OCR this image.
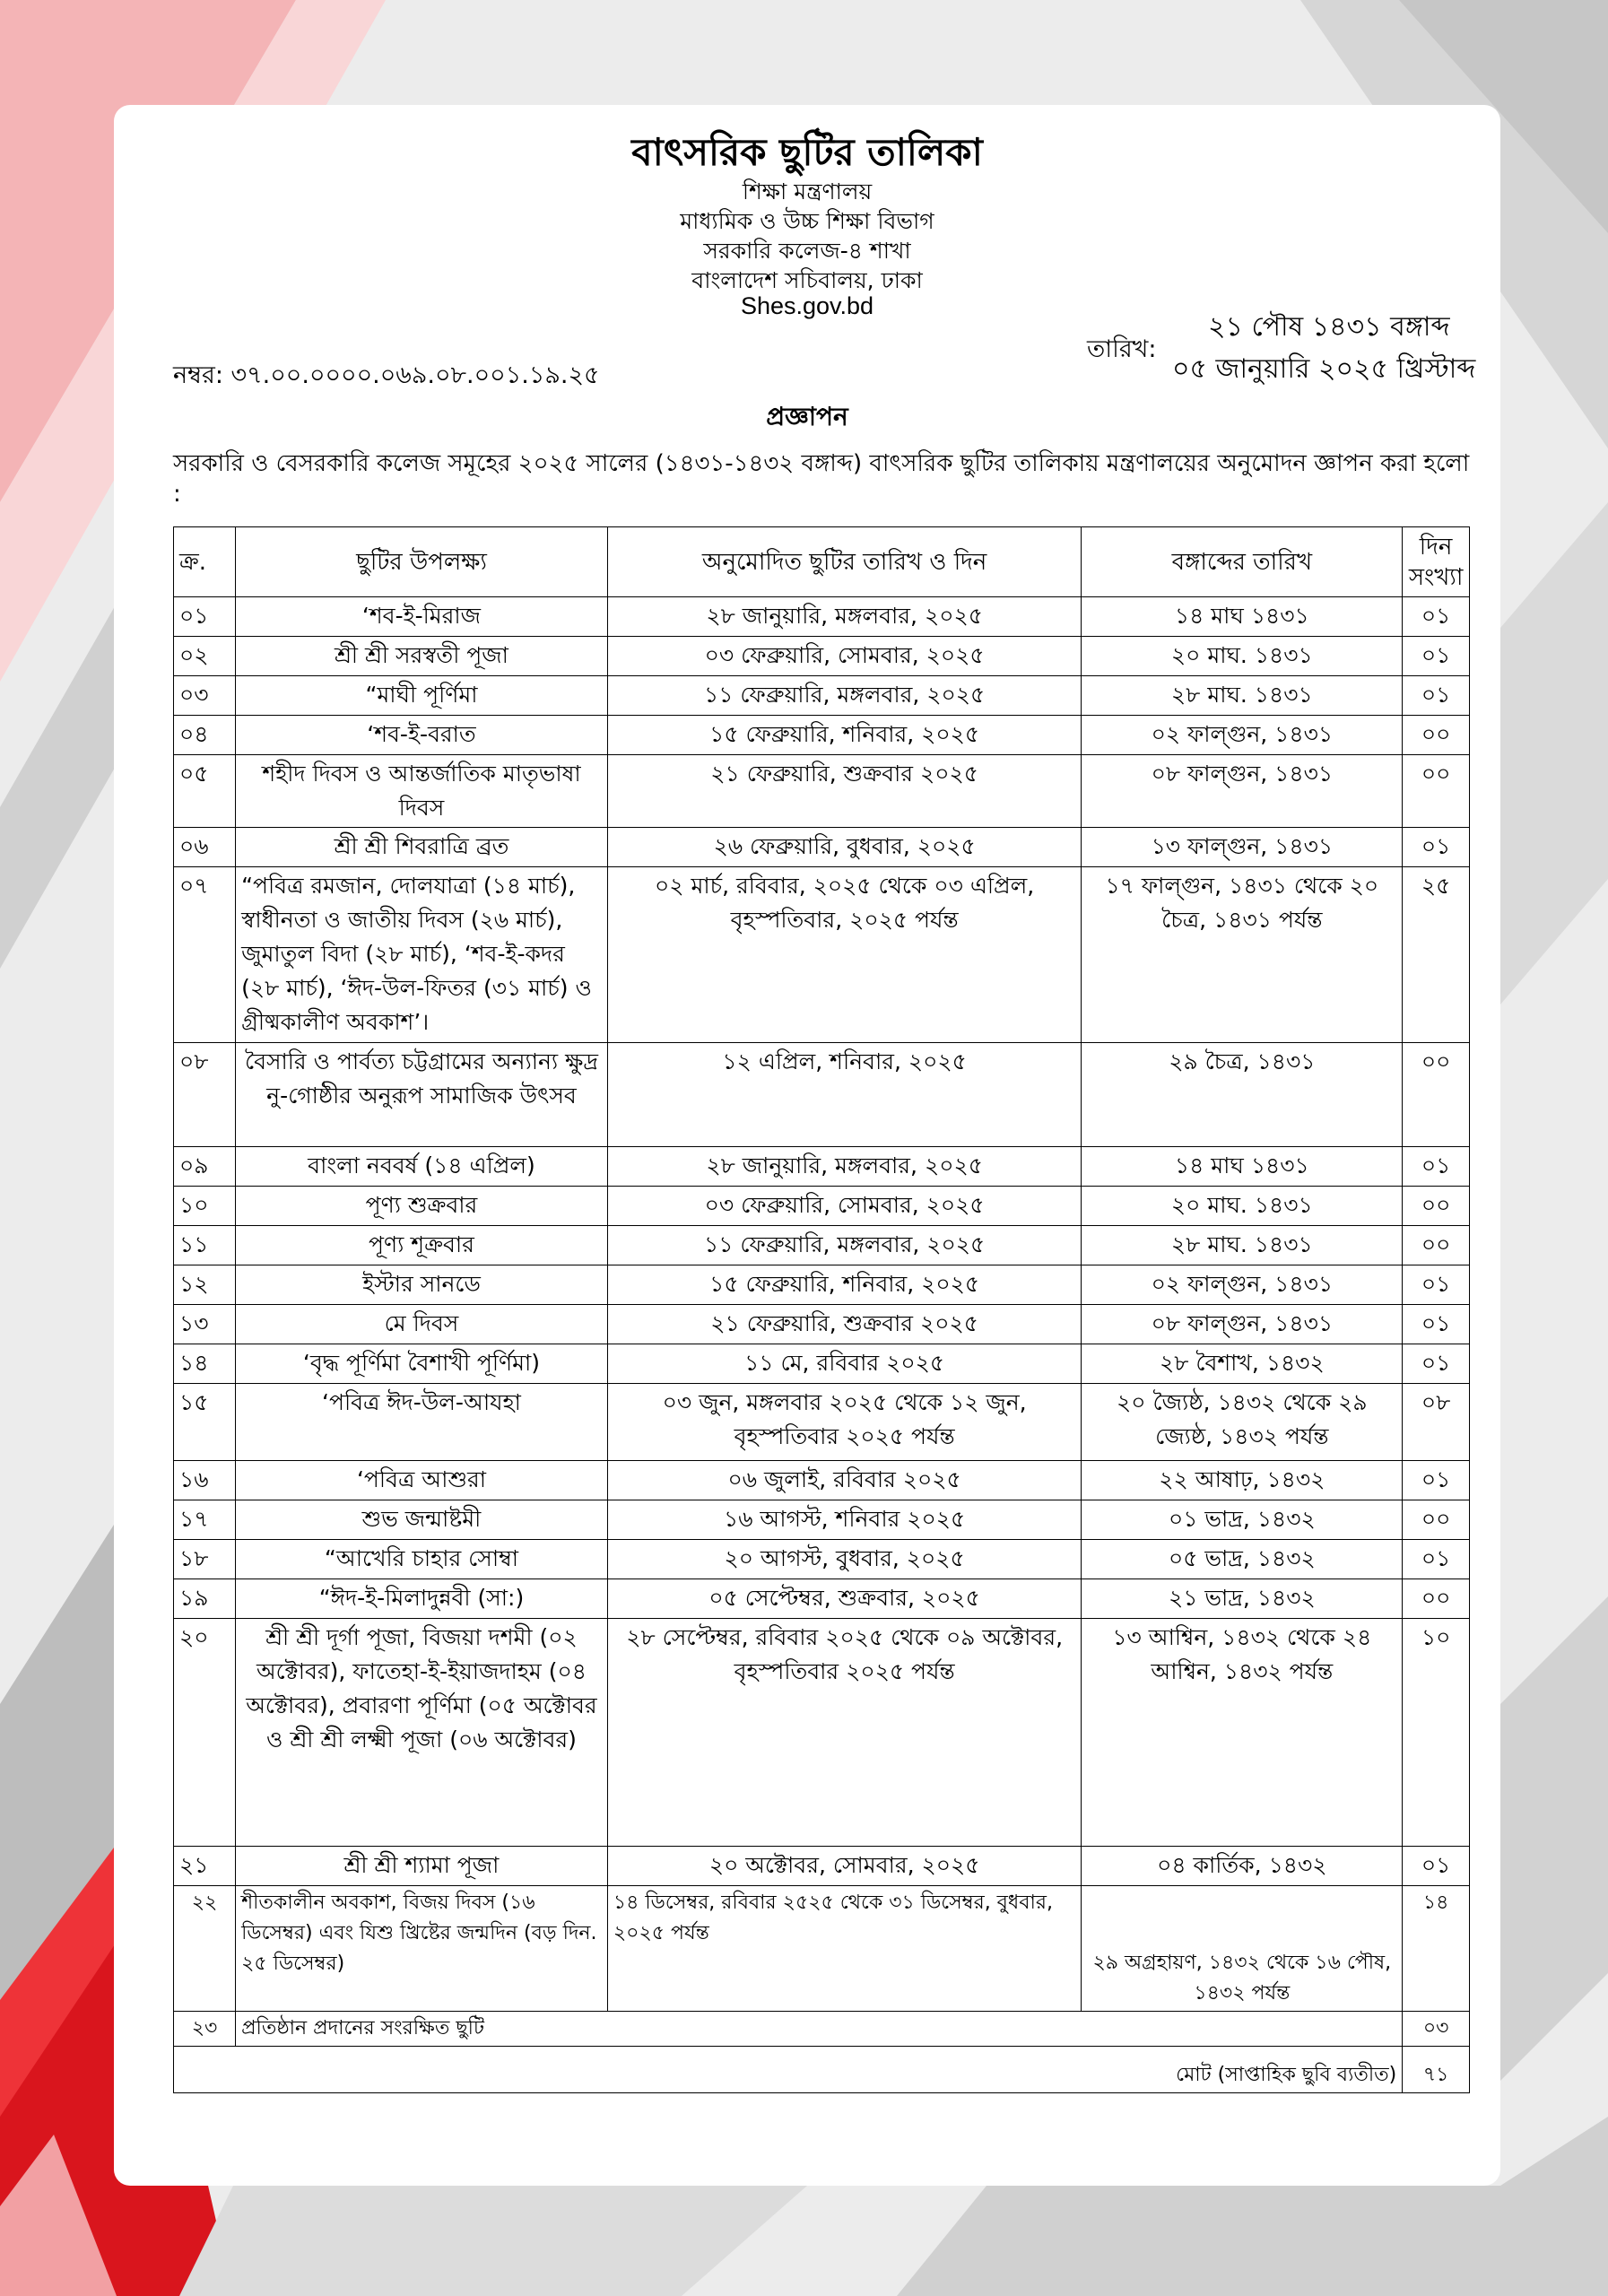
বাৎসরিক ছুটির তালিকা
শিক্ষা মন্ত্রণালয়
মাধ্যমিক ও উচ্চ শিক্ষা বিভাগ
সরকারি কলেজ-৪ শাখা
বাংলাদেশ সচিবালয়, ঢাকা
Shes.gov.bd
নম্বর: ৩৭.০০.০০০০.০৬৯.০৮.০০১.১৯.২৫
তারিখ:
২১ পৌষ ১৪৩১ বঙ্গাব্দ
০৫ জানুয়ারি ২০২৫ খ্রিস্টাব্দ
প্রজ্ঞাপন
সরকারি ও বেসরকারি কলেজ সমূহের ২০২৫ সালের (১৪৩১-১৪৩২ বঙ্গাব্দ) বাৎসরিক ছুটির তালিকায় মন্ত্রণালয়ের অনুমোদন জ্ঞাপন করা হলো :
ক্র.	ছুটির উপলক্ষ্য	অনুমোদিত ছুটির তারিখ ও দিন	বঙ্গাব্দের তারিখ	দিন সংখ্যা
০১	‘শব-ই-মিরাজ	২৮ জানুয়ারি, মঙ্গলবার, ২০২৫	১৪ মাঘ ১৪৩১	০১
০২	শ্রী শ্রী সরস্বতী পূজা	০৩ ফেব্রুয়ারি, সোমবার, ২০২৫	২০ মাঘ. ১৪৩১	০১
০৩	“মাঘী পূর্ণিমা	১১ ফেব্রুয়ারি, মঙ্গলবার, ২০২৫	২৮ মাঘ. ১৪৩১	০১
০৪	‘শব-ই-বরাত	১৫ ফেব্রুয়ারি, শনিবার, ২০২৫	০২ ফাল্গুন, ১৪৩১	০০
০৫	শহীদ দিবস ও আন্তর্জাতিক মাতৃভাষা দিবস	২১ ফেব্রুয়ারি, শুক্রবার ২০২৫	০৮ ফাল্গুন, ১৪৩১	০০
০৬	শ্রী শ্রী শিবরাত্রি ব্রত	২৬ ফেব্রুয়ারি, বুধবার, ২০২৫	১৩ ফাল্গুন, ১৪৩১	০১
০৭	“পবিত্র রমজান, দোলযাত্রা (১৪ মার্চ), স্বাধীনতা ও জাতীয় দিবস (২৬ মার্চ), জুমাতুল বিদা (২৮ মার্চ), ‘শব-ই-কদর (২৮ মার্চ), ‘ঈদ-উল-ফিতর (৩১ মার্চ) ও গ্রীষ্মকালীণ অবকাশ’।	০২ মার্চ, রবিবার, ২০২৫ থেকে ০৩ এপ্রিল, বৃহস্পতিবার, ২০২৫ পর্যন্ত	১৭ ফাল্গুন, ১৪৩১ থেকে ২০ চৈত্র, ১৪৩১ পর্যন্ত	২৫
০৮	বৈসারি ও পার্বত্য চট্টগ্রামের অন্যান্য ক্ষুদ্র নু-গোষ্ঠীর অনুরূপ সামাজিক উৎসব	১২ এপ্রিল, শনিবার, ২০২৫	২৯ চৈত্র, ১৪৩১	০০
০৯	বাংলা নববর্ষ (১৪ এপ্রিল)	২৮ জানুয়ারি, মঙ্গলবার, ২০২৫	১৪ মাঘ ১৪৩১	০১
১০	পূণ্য শুক্রবার	০৩ ফেব্রুয়ারি, সোমবার, ২০২৫	২০ মাঘ. ১৪৩১	০০
১১	পূণ্য শূক্রবার	১১ ফেব্রুয়ারি, মঙ্গলবার, ২০২৫	২৮ মাঘ. ১৪৩১	০০
১২	ইস্টার সানডে	১৫ ফেব্রুয়ারি, শনিবার, ২০২৫	০২ ফাল্গুন, ১৪৩১	০১
১৩	মে দিবস	২১ ফেব্রুয়ারি, শুক্রবার ২০২৫	০৮ ফাল্গুন, ১৪৩১	০১
১৪	‘বৃদ্ধ পূর্ণিমা বৈশাখী পূর্ণিমা)	১১ মে, রবিবার ২০২৫	২৮ বৈশাখ, ১৪৩২	০১
১৫	‘পবিত্র ঈদ-উল-আযহা	০৩ জুন, মঙ্গলবার ২০২৫ থেকে ১২ জুন, বৃহস্পতিবার ২০২৫ পর্যন্ত	২০ জ্যৈষ্ঠ, ১৪৩২ থেকে ২৯ জ্যেষ্ঠ, ১৪৩২ পর্যন্ত	০৮
১৬	‘পবিত্র আশুরা	০৬ জুলাই, রবিবার ২০২৫	২২ আষাঢ়, ১৪৩২	০১
১৭	শুভ জন্মাষ্টমী	১৬ আগস্ট, শনিবার ২০২৫	০১ ভাদ্র, ১৪৩২	০০
১৮	“আখেরি চাহার সোম্বা	২০ আগস্ট, বুধবার, ২০২৫	০৫ ভাদ্র, ১৪৩২	০১
১৯	“ঈদ-ই-মিলাদুন্নবী (সা:)	০৫ সেপ্টেম্বর, শুক্রবার, ২০২৫	২১ ভাদ্র, ১৪৩২	০০
২০	শ্রী শ্রী দূর্গা পূজা, বিজয়া দশমী (০২ অক্টোবর), ফাতেহা-ই-ইয়াজদাহম (০৪ অক্টোবর), প্রবারণা পূর্ণিমা (০৫ অক্টোবর ও শ্রী শ্রী লক্ষ্মী পূজা (০৬ অক্টোবর)	২৮ সেপ্টেম্বর, রবিবার ২০২৫ থেকে ০৯ অক্টোবর, বৃহস্পতিবার ২০২৫ পর্যন্ত	১৩ আশ্বিন, ১৪৩২ থেকে ২৪ আশ্বিন, ১৪৩২ পর্যন্ত	১০
২১	শ্রী শ্রী শ্যামা পূজা	২০ অক্টোবর, সোমবার, ২০২৫	০৪ কার্তিক, ১৪৩২	০১
২২	শীতকালীন অবকাশ, বিজয় দিবস (১৬ ডিসেম্বর) এবং যিশু খ্রিষ্টের জন্মদিন (বড় দিন. ২৫ ডিসেম্বর)	১৪ ডিসেম্বর, রবিবার ২৫২৫ থেকে ৩১ ডিসেম্বর, বুধবার, ২০২৫ পর্যন্ত	২৯ অগ্রহায়ণ, ১৪৩২ থেকে ১৬ পৌষ, ১৪৩২ পর্যন্ত	১৪
২৩	প্রতিষ্ঠান প্রদানের সংরক্ষিত ছুটি			০৩
মোট (সাপ্তাহিক ছুবি ব্যতীত)				৭১
